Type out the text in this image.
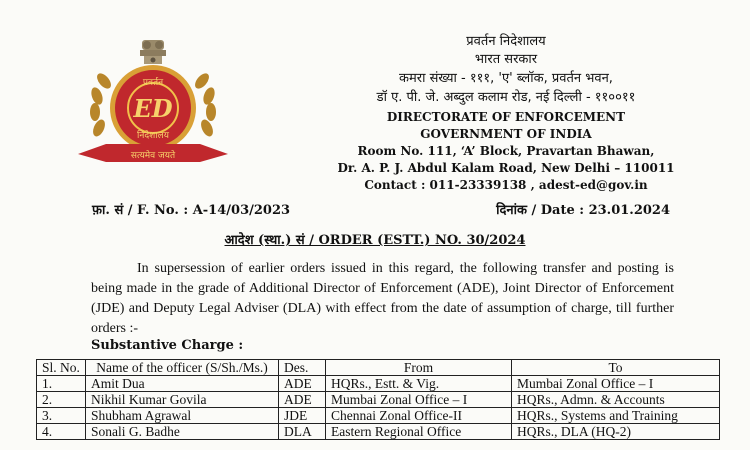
प्रवर्तन
ED
निदेशालय
सत्यमेव जयते
प्रवर्तन निदेशालय
भारत सरकार
कमरा संख्या - १११, 'ए' ब्लॉक, प्रवर्तन भवन,
डॉ ए. पी. जे. अब्दुल कलाम रोड, नई दिल्ली - ११००११
DIRECTORATE OF ENFORCEMENT
GOVERNMENT OF INDIA
Room No. 111, ‘A’ Block, Pravartan Bhawan,
Dr. A. P. J. Abdul Kalam Road, New Delhi – 110011
Contact : 011-23339138 , adest-ed@gov.in
फ़ा. सं / F. No. : A-14/03/2023	दिनांक / Date : 23.01.2024
आदेश (स्था.) सं / ORDER (ESTT.) NO. 30/2024
In supersession of earlier orders issued in this regard, the following transfer and posting is being made in the grade of Additional Director of Enforcement (ADE), Joint Director of Enforcement (JDE) and Deputy Legal Adviser (DLA) with effect from the date of assumption of charge, till further orders :-
Substantive Charge :
Sl. No.	Name of the officer (S/Sh./Ms.)	Des.	From	To
1.	Amit Dua	ADE	HQRs., Estt. & Vig.	Mumbai Zonal Office – I
2.	Nikhil Kumar Govila	ADE	Mumbai Zonal Office – I	HQRs., Admn. & Accounts
3.	Shubham Agrawal	JDE	Chennai Zonal Office-II	HQRs., Systems and Training
4.	Sonali G. Badhe	DLA	Eastern Regional Office	HQRs., DLA (HQ-2)
